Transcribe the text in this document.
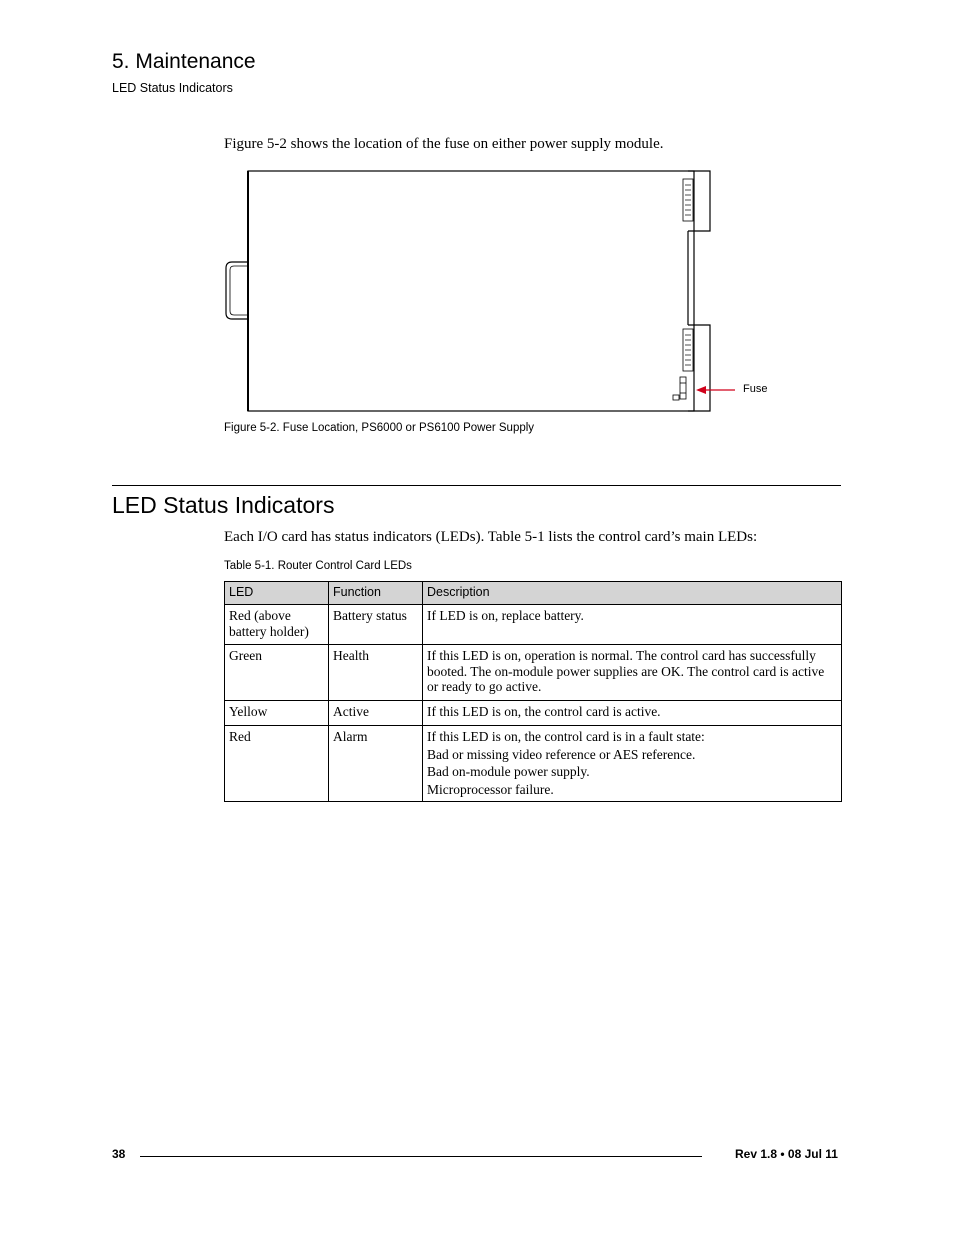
5. Maintenance
LED Status Indicators
Figure 5-2 shows the location of the fuse on either power supply module.
Fuse
Figure 5-2. Fuse Location, PS6000 or PS6100 Power Supply
LED Status Indicators
Each I/O card has status indicators (LEDs). Table 5-1 lists the control card’s main LEDs:
Table 5-1. Router Control Card LEDs
LED	Function	Description
Red (above battery holder)	Battery status	If LED is on, replace battery.

Green	Health	If this LED is on, operation is normal. The control card has successfully booted. The on-module power supplies are OK. The control card is active or ready to go active.

Yellow	Active	If this LED is on, the control card is active.

Red	Alarm	If this LED is on, the control card is in a fault state:
Bad or missing video reference or AES reference.
Bad on-module power supply.
Microprocessor failure.
38	Rev 1.8 • 08 Jul 11
